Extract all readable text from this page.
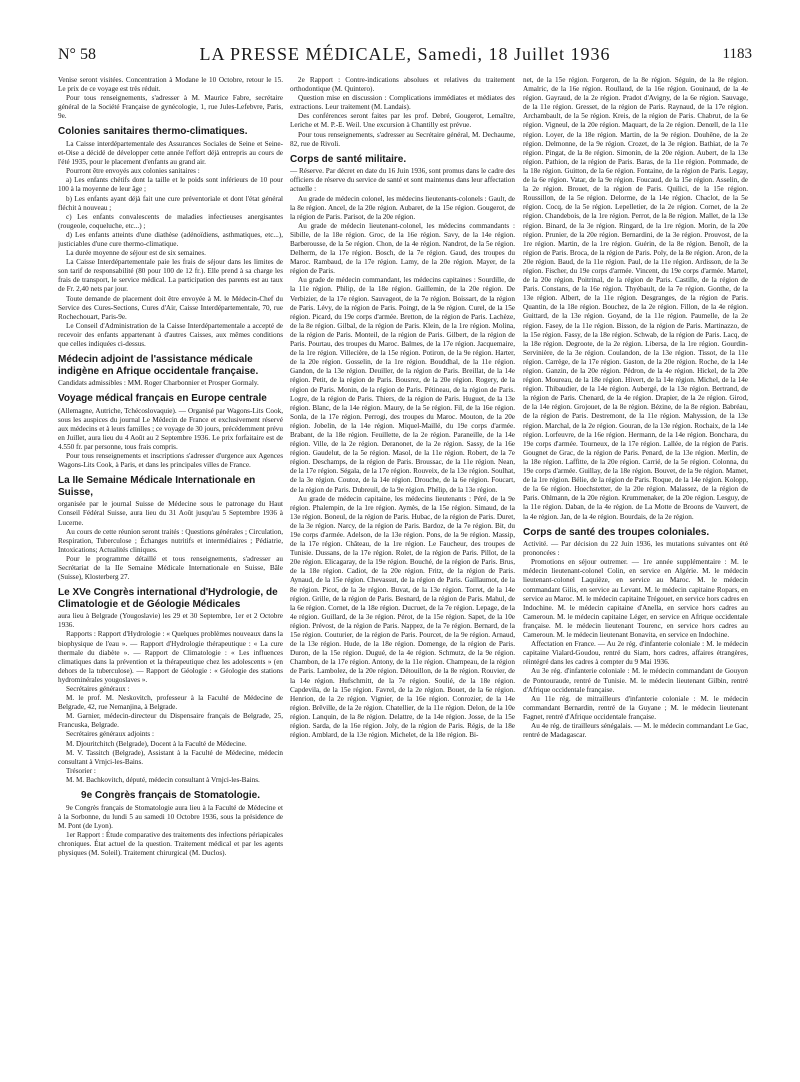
N° 58	LA PRESSE MÉDICALE, Samedi, 18 Juillet 1936	1183

Venise seront visitées. Concentration à Modane le 10 Octobre, retour le 15. Le prix de ce voyage est très réduit.

Pour tous renseignements, s'adresser à M. Maurice Fabre, secrétaire général de la Société Française de gynécologie, 1, rue Jules-Lefebvre, Paris, 9e.

Colonies sanitaires thermo-climatiques.

La Caisse interdépartementale des Assurances Sociales de Seine et Seine-et-Oise a décidé de développer cette année l'effort déjà entrepris au cours de l'été 1935, pour le placement d'enfants au grand air.

Pourront être envoyés aux colonies sanitaires :

a) Les enfants chétifs dont la taille et le poids sont inférieurs de 10 pour 100 à la moyenne de leur âge ;

b) Les enfants ayant déjà fait une cure préventoriale et dont l'état général fléchit à nouveau ;

c) Les enfants convalescents de maladies infectieuses anergisantes (rougeole, coqueluche, etc...) ;

d) Les enfants atteints d'une diathèse (adénoïdiens, asthmatiques, etc...), justiciables d'une cure thermo-climatique.

La durée moyenne de séjour est de six semaines.

La Caisse Interdépartementale paie les frais de séjour dans les limites de son tarif de responsabilité (80 pour 100 de 12 fr.). Elle prend à sa charge les frais de transport, le service médical. La participation des parents est au taux de Fr. 2,40 nets par jour.

Toute demande de placement doit être envoyée à M. le Médecin-Chef du Service des Cures-Sections, Cures d'Air, Caisse Interdépartementale, 70, rue Rochechouart, Paris-9e.

Le Conseil d'Administration de la Caisse Interdépartementale a accepté de recevoir des enfants appartenant à d'autres Caisses, aux mêmes conditions que celles indiquées ci-dessus.

Médecin adjoint de l'assistance médicale indigène en Afrique occidentale française.

Candidats admissibles : MM. Roger Charbonnier et Prosper Gormaly.

Voyage médical français en Europe centrale

(Allemagne, Autriche, Tchécoslovaquie). — Organisé par Wagons-Lits Cook, sous les auspices du journal Le Médecin de France et exclusivement réservé aux médecins et à leurs familles ; ce voyage de 30 jours, précédemment prévu en Juillet, aura lieu du 4 Août au 2 Septembre 1936. Le prix forfaitaire est de 4.550 fr. par personne, tous frais compris.

Pour tous renseignements et inscriptions s'adresser d'urgence aux Agences Wagons-Lits Cook, à Paris, et dans les principales villes de France.

La IIe Semaine Médicale Internationale en Suisse,

organisée par le journal Suisse de Médecine sous le patronage du Haut Conseil Fédéral Suisse, aura lieu du 31 Août jusqu'au 5 Septembre 1936 à Lucerne.

Au cours de cette réunion seront traités : Questions générales ; Circulation, Respiration, Tuberculose ; Échanges nutritifs et intermédiaires ; Pédiatrie, Intoxications; Actualités cliniques.

Pour le programme détaillé et tous renseignements, s'adresser au Secrétariat de la IIe Semaine Médicale Internationale en Suisse, Bâle (Suisse), Klosterberg 27.

Le XVe Congrès international d'Hydrologie, de Climatologie et de Géologie Médicales

aura lieu à Belgrade (Yougoslavie) les 29 et 30 Septembre, 1er et 2 Octobre 1936.

Rapports : Rapport d'Hydrologie : « Quelques problèmes nouveaux dans la biophysique de l'eau ». — Rapport d'Hydrologie thérapeutique : « La cure thermale du diabète ». — Rapport de Climatologie : « Les influences climatiques dans la prévention et la thérapeutique chez les adolescents » (en dehors de la tuberculose). — Rapport de Géologie : « Géologie des stations hydrominérales yougoslaves ».

Secrétaires généraux :

M. le prof. M. Neskovitch, professeur à la Faculté de Médecine de Belgrade, 42, rue Nemanjina, à Belgrade.

M. Garnier, médecin-directeur du Dispensaire français de Belgrade, 25, Francuska, Belgrade.

Secrétaires généraux adjoints :

M. Djouritchitch (Belgrade), Docent à la Faculté de Médecine.

M. V. Tassitch (Belgrade), Assistant à la Faculté de Médecine, médecin consultant à Vrnjci-les-Bains.

Trésorier :

M. M. Bachkovitch, député, médecin consultant à Vrnjci-les-Bains.

9e Congrès français de Stomatologie.

9e Congrès français de Stomatologie aura lieu à la Faculté de Médecine et à la Sorbonne, du lundi 5 au samedi 10 Octobre 1936, sous la présidence de M. Pont (de Lyon).

1er Rapport : Étude comparative des traitements des infections périapicales chroniques. État actuel de la question. Traitement médical et par les agents physiques (M. Soleil). Traitement chirurgical (M. Duclos).

2e Rapport : Contre-indications absolues et relatives du traitement orthodontique (M. Quintero).

Question mise en discussion : Complications immédiates et médiates des extractions. Leur traitement (M. Landais).

Des conférences seront faites par les prof. Debré, Gougerot, Lemaître, Leriche et M. P.-E. Weil. Une excursion à Chantilly est prévue.

Pour tous renseignements, s'adresser au Secrétaire général, M. Dechaume, 82, rue de Rivoli.

Corps de santé militaire.

— Réserve. Par décret en date du 16 Juin 1936, sont promus dans le cadre des officiers de réserve du service de santé et sont maintenus dans leur affectation actuelle :

Au grade de médecin colonel, les médecins lieutenants-colonels : Gault, de la 8e région. Ancel, de la 20e région. Aubaret, de la 15e région. Gougerot, de la région de Paris. Parisot, de la 20e région.

Au grade de médecin lieutenant-colonel, les médecins commandants : Sibille, de la 18e région. Groc, de la 16e région. Savy, de la 14e région. Barberousse, de la 5e région. Chon, de la 4e région. Nandrot, de la 5e région. Delherm, de la 17e région. Bosch, de la 7e région. Gaud, des troupes du Maroc. Rambaud, de la 17e région. Lamy, de la 20e région. Mayer, de la région de Paris.

Au grade de médecin commandant, les médecins capitaines : Sourdille, de la 11e région. Philip, de la 18e région. Gaillemin, de la 20e région. De Verbizier, de la 17e région. Sauvageot, de la 7e région. Boissart, de la région de Paris. Lévy, de la région de Paris. Poingt, de la 9e région. Curel, de la 15e région. Picard, du 19e corps d'armée. Bretton, de la région de Paris. Lachèze, de la 8e région. Gilbal, de la région de Paris. Klein, de la 1re région. Molina, de la région de Paris. Monteil, de la région de Paris. Gilbert, de la région de Paris. Pourtau, des troupes du Maroc. Balmes, de la 17e région. Jacquemaire, de la 1re région. Villecière, de la 15e région. Potiron, de la 9e région. Harter, de la 20e région. Gosselin, de la 1re région. Bouddhal, de la 11e région. Gandon, de la 13e région. Deuiller, de la région de Paris. Breillat, de la 14e région. Petit, de la région de Paris. Bousrez, de la 20e région. Rogery, de la région de Paris. Monin, de la région de Paris. Pétineau, de la région de Paris. Logre, de la région de Paris. Thiers, de la région de Paris. Huguet, de la 13e région. Blanc, de la 14e région. Maury, de la 5e région. Fil, de la 16e région. Sonla, de la 17e région. Perrogi, des troupes du Maroc. Mouton, de la 20e région. Jobelin, de la 14e région. Miquel-Maillé, du 19e corps d'armée. Brabant, de la 18e région. Feuillette, de la 2e région. Paraneille, de la 14e région. Ville, de la 2e région. Deranonet, de la 2e région. Sassy, de la 16e région. Gaudelut, de la 5e région. Masol, de la 11e région. Robert, de la 7e région. Deschamps, de la région de Paris. Broussac, de la 11e région. Nean, de la 17e région. Ségala, de la 17e région. Rouveix, de la 13e région. Soulhat, de la 3e région. Coutoz, de la 14e région. Drouche, de la 6e région. Foucart, de la région de Paris. Dubreuil, de la 9e région. Phélip, de la 13e région.

Au grade de médecin capitaine, les médecins lieutenants : Péré, de la 9e région. Phalempin, de la 1re région. Aymès, de la 15e région. Simaud, de la 13e région. Boneul, de la région de Paris. Hubac, de la région de Paris. Duret, de la 3e région. Narcy, de la région de Paris. Bardoz, de la 7e région. Bit, du 19e corps d'armée. Adelson, de la 13e région. Pons, de la 9e région. Massip, de la 17e région. Château, de la 1re région. Le Faucheur, des troupes de Tunisie. Dussans, de la 17e région. Rolet, de la région de Paris. Pillot, de la 20e région. Elicagaray, de la 19e région. Bouché, de la région de Paris. Brus, de la 18e région. Cadiot, de la 20e région. Fritz, de la région de Paris. Aynaud, de la 15e région. Chevassut, de la région de Paris. Gaillaumot, de la 8e région. Picot, de la 3e région. Buvat, de la 13e région. Torret, de la 14e région. Grille, de la région de Paris. Besnard, de la région de Paris. Mahul, de la 6e région. Cornet, de la 18e région. Ducruet, de la 7e région. Lepage, de la 4e région. Guillard, de la 3e région. Pérot, de la 15e région. Sapet, de la 10e région. Prévost, de la région de Paris. Nappez, de la 7e région. Bernard, de la 15e région. Couturier, de la région de Paris. Pourcet, de la 9e région. Arnaud, de la 13e région. Hude, de la 18e région. Domenge, de la région de Paris. Duron, de la 15e région. Dugué, de la 4e région. Schmutz, de la 9e région. Chambon, de la 17e région. Antony, de la 11e région. Champeau, de la région de Paris. Lambolez, de la 20e région. Détouillon, de la 8e région. Rouvier, de la 14e région. Hufschmitt, de la 7e région. Soulié, de la 18e région. Capdevila, de la 15e région. Favrel, de la 2e région. Bouet, de la 6e région. Henrion, de la 2e région. Vignier, de la 16e région. Conrozier, de la 14e région. Brêville, de la 2e région. Chatellier, de la 11e région. Delon, de la 10e région. Lanquin, de la 8e région. Delattre, de la 14e région. Josse, de la 15e région. Sarda, de la 16e région. Joly, de la région de Paris. Régis, de la 18e région. Amblard, de la 13e région. Michelet, de la 18e région. Bi-

net, de la 15e région. Forgeron, de la 8e région. Séguin, de la 8e région. Amalric, de la 16e région. Roullaud, de la 16e région. Gouinaud, de la 4e région. Gayraud, de la 2e région. Pradot d'Avigny, de la 6e région. Sauvage, de la 11e région. Gresset, de la région de Paris. Raynaud, de la 17e région. Archambault, de la 5e région. Kreis, de la région de Paris. Chabrut, de la 6e région. Vigneul, de la 20e région. Maquart, de la 2e région. Denœll, de la 11e région. Loyer, de la 18e région. Martin, de la 9e région. Douhêne, de la 2e région. Delmonne, de la 9e région. Crozet, de la 3e région. Bathiat, de la 7e région. Pingat, de la 8e région. Simonin, de la 20e région. Aubert, de la 13e région. Pathion, de la région de Paris. Baras, de la 11e région. Pommade, de la 18e région. Guitton, de la 6e région. Fontaine, de la région de Paris. Legay, de la 6e région. Vatar, de la 9e région. Foucaud, de la 15e région. Asselin, de la 2e région. Brouet, de la région de Paris. Quilici, de la 15e région. Roussillon, de la 5e région. Delorme, de la 14e région. Chaclot, de la 5e région. Cocq, de la 5e région. Lepelletier, de la 2e région. Cornet, de la 2e région. Chandebois, de la 1re région. Perrot, de la 8e région. Mallet, de la 13e région. Binard, de la 3e région. Ringard, de la 1re région. Morin, de la 20e région. Prunier, de la 20e région. Bernardini, de la 3e région. Prouvost, de la 1re région. Martin, de la 1re région. Guérin, de la 8e région. Benoît, de la région de Paris. Broca, de la région de Paris. Poly, de la 8e région. Aron, de la 20e région. Baud, de la 11e région. Paul, de la 11e région. Ardisson, de la 3e région. Fischer, du 19e corps d'armée. Vincent, du 19e corps d'armée. Martel, de la 20e région. Poitrinal, de la région de Paris. Castille, de la région de Paris. Constans, de la 16e région. Thyébault, de la 7e région. Gonthe, de la 13e région. Albert, de la 11e région. Desgranges, de la région de Paris. Quantin, de la 18e région. Bouchez, de la 2e région. Fillon, de la 4e région. Guittard, de la 13e région. Goyand, de la 11e région. Paumelle, de la 2e région. Fasey, de la 11e région. Bisson, de la région de Paris. Martinazzo, de la 15e région. Fassy, de la 18e région. Schwab, de la région de Paris. Lacq, de la 18e région. Degroote, de la 2e région. Libersa, de la 1re région. Gourdin-Servinière, de la 3e région. Coulandon, de la 13e région. Tissot, de la 11e région. Carrège, de la 17e région. Gaston, de la 20e région. Roche, de la 14e région. Ganzin, de la 20e région. Pédron, de la 4e région. Hickel, de la 20e région. Moureau, de la 18e région. Hivert, de la 14e région. Michel, de la 14e région. Thibaudier, de la 14e région. Aubergé, de la 13e région. Bertrand, de la région de Paris. Chenard, de la 4e région. Drapier, de la 2e région. Girod, de la 14e région. Grojouet, de la 8e région. Bézine, de la 8e région. Babréau, de la région de Paris. Destremont, de la 11e région. Mahyssion, de la 13e région. Marchal, de la 2e région. Gouran, de la 13e région. Rochaix, de la 14e région. Lorfeuvre, de la 16e région. Hermann, de la 14e région. Bonchara, du 19e corps d'armée. Tourneux, de la 17e région. Lallée, de la région de Paris. Gougnet de Grac, de la région de Paris. Penard, de la 13e région. Merlin, de la 18e région. Laffitte, de la 20e région. Carrié, de la 5e région. Colonna, du 19e corps d'armée. Guillay, de la 18e région. Bouvet, de la 9e région. Mamet, de la 1re région. Bélie, de la région de Paris. Roque, de la 14e région. Kolopp, de la 6e région. Hoechstetter, de la 20e région. Malassez, de la région de Paris. Ohlmann, de la 20e région. Krummenaker, de la 20e région. Lesguy, de la 11e région. Daban, de la 4e région. de La Motte de Broons de Vauvert, de la 4e région. Jan, de la 4e région. Bourdais, de la 2e région.

Corps de santé des troupes coloniales.

Activité. — Par décision du 22 Juin 1936, les mutations suivantes ont été prononcées :

Promotions en séjour outremer. — 1re année supplémentaire : M. le médecin lieutenant-colonel Colin, en service en Algérie. M. le médecin lieutenant-colonel Laquièze, en service au Maroc. M. le médecin commandant Gilis, en service au Levant. M. le médecin capitaine Ropars, en service au Maroc. M. le médecin capitaine Trégouet, en service hors cadres en Indochine. M. le médecin capitaine d'Anella, en service hors cadres au Cameroun. M. le médecin capitaine Léger, en service en Afrique occidentale française. M. le médecin lieutenant Tourenc, en service hors cadres au Cameroun. M. le médecin lieutenant Bonavita, en service en Indochine.

Affectation en France. — Au 2e rég. d'infanterie coloniale : M. le médecin capitaine Vialard-Goudou, rentré du Siam, hors cadres, affaires étrangères, réintégré dans les cadres à compter du 9 Mai 1936.

Au 3e rég. d'infanterie coloniale : M. le médecin commandant de Gouyon de Pontouraude, rentré de Tunisie. M. le médecin lieutenant Gilbin, rentré d'Afrique occidentale française.

Au 11e rég. de mitrailleurs d'infanterie coloniale : M. le médecin commandant Bernardin, rentré de la Guyane ; M. le médecin lieutenant Fagnet, rentré d'Afrique occidentale française.

Au 4e rég. de tirailleurs sénégalais. — M. le médecin commandant Le Gac, rentré de Madagascar.
